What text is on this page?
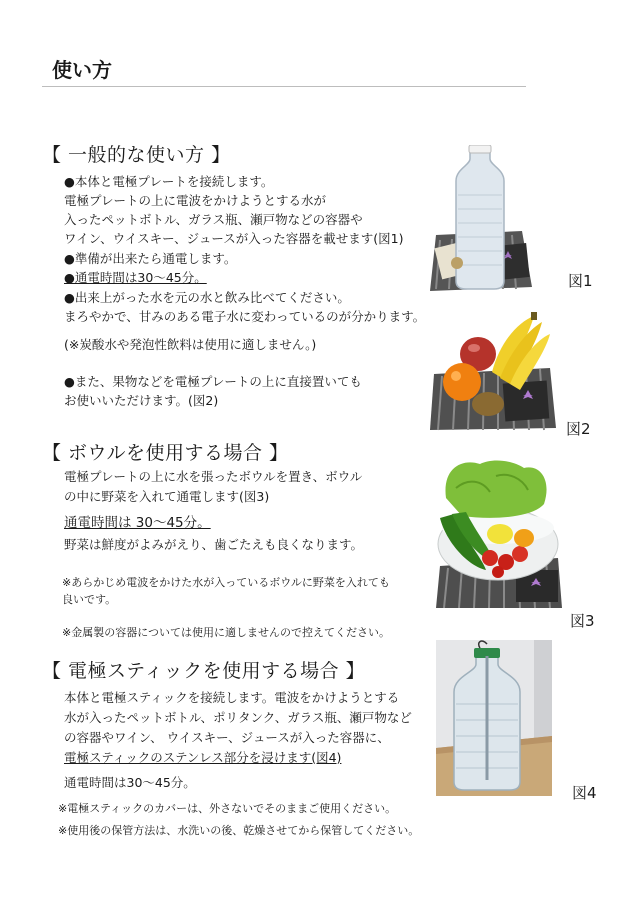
使い方
【 一般的な使い方 】
●本体と電極プレートを接続します。
電極プレートの上に電波をかけようとする水が
入ったペットボトル、ガラス瓶、瀬戸物などの容器や
ワイン、ウイスキー、ジュースが入った容器を載せます(図1)
●準備が出来たら通電します。
●通電時間は30～45分。
●出来上がった水を元の水と飲み比べてください。
まろやかで、甘みのある電子水に変わっているのが分かります。
(※炭酸水や発泡性飲料は使用に適しません。)
●また、果物などを電極プレートの上に直接置いても
お使いいただけます。(図2)
図1
図2
【 ボウルを使用する場合 】
電極プレートの上に水を張ったボウルを置き、ボウル
の中に野菜を入れて通電します(図3)
通電時間は 30～45分。
野菜は鮮度がよみがえり、歯ごたえも良くなります。
※あらかじめ電波をかけた水が入っているボウルに野菜を入れても
良いです。
※金属製の容器については使用に適しませんので控えてください。
図3
【 電極スティックを使用する場合 】
本体と電極スティックを接続します。電波をかけようとする
水が入ったペットボトル、ポリタンク、ガラス瓶、瀬戸物など
の容器やワイン、 ウイスキー、ジュースが入った容器に、
電極スティックのステンレス部分を浸けます(図4)
通電時間は30～45分。
※電極スティックのカバーは、外さないでそのままご使用ください。
※使用後の保管方法は、水洗いの後、乾燥させてから保管してください。
図4
